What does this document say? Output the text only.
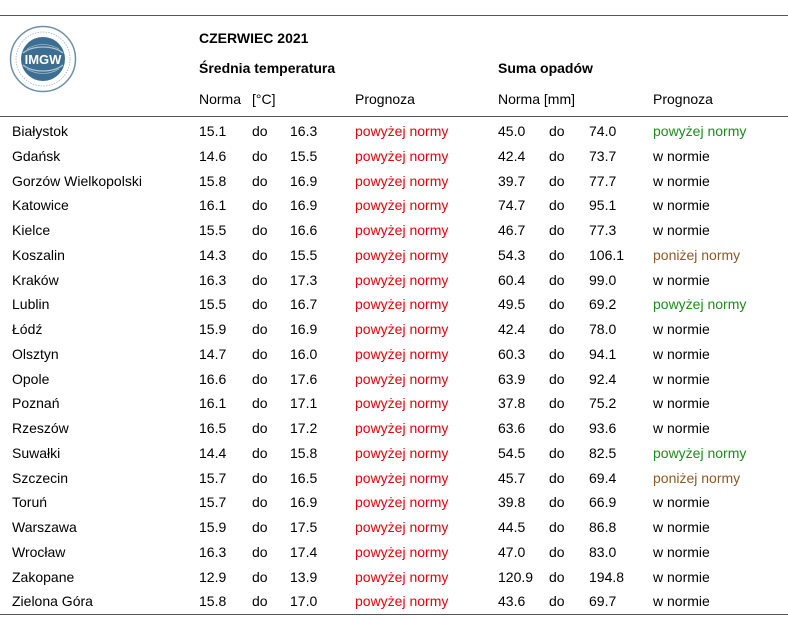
IMGW
CZERWIEC 2021
Średnia temperatura	Suma opadów
Norma [°C]	Prognoza	Norma [mm]	Prognoza
Białystok	15.1 do 16.3	powyżej normy	45.0 do 74.0	powyżej normy
Gdańsk	14.6 do 15.5	powyżej normy	42.4 do 73.7	w normie
Gorzów Wielkopolski	15.8 do 16.9	powyżej normy	39.7 do 77.7	w normie
Katowice	16.1 do 16.9	powyżej normy	74.7 do 95.1	w normie
Kielce	15.5 do 16.6	powyżej normy	46.7 do 77.3	w normie
Koszalin	14.3 do 15.5	powyżej normy	54.3 do 106.1 poniżej normy
Kraków	16.3 do 17.3	powyżej normy	60.4 do 99.0	w normie
Lublin	15.5 do 16.7	powyżej normy	49.5 do 69.2	powyżej normy
Łódź	15.9 do 16.9	powyżej normy	42.4 do 78.0	w normie
Olsztyn	14.7 do 16.0	powyżej normy	60.3 do 94.1	w normie
Opole	16.6 do 17.6	powyżej normy	63.9 do 92.4	w normie
Poznań	16.1 do 17.1	powyżej normy	37.8 do 75.2	w normie
Rzeszów	16.5 do 17.2	powyżej normy	63.6 do 93.6	w normie
Suwałki	14.4 do 15.8	powyżej normy	54.5 do 82.5	powyżej normy
Szczecin	15.7 do 16.5	powyżej normy	45.7 do 69.4	poniżej normy
Toruń	15.7 do 16.9	powyżej normy	39.8 do 66.9	w normie
Warszawa	15.9 do 17.5	powyżej normy	44.5 do 86.8	w normie
Wrocław	16.3 do 17.4	powyżej normy	47.0 do 83.0	w normie
Zakopane	12.9 do 13.9	powyżej normy	120.9 do 194.8 w normie
Zielona Góra	15.8 do 17.0	powyżej normy	43.6 do 69.7	w normie
